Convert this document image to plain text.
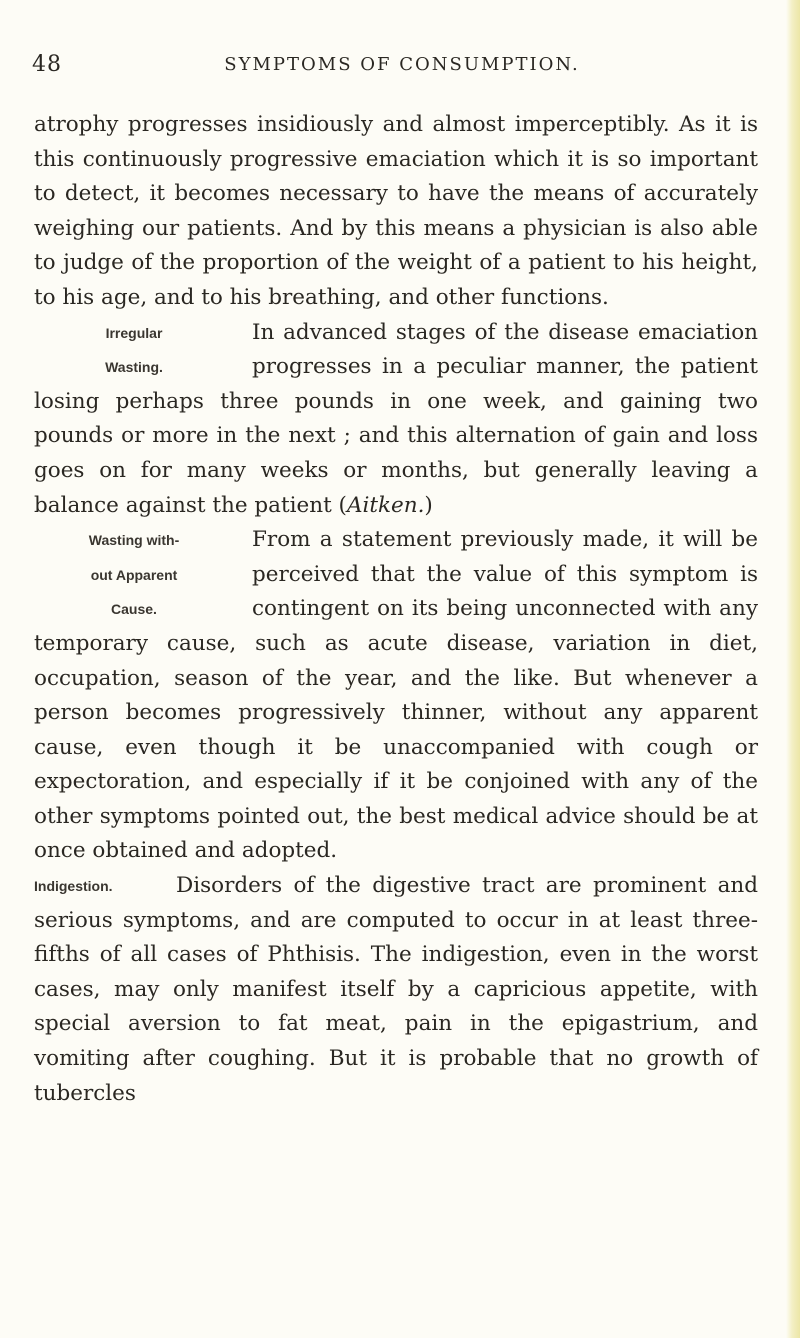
48	SYMPTOMS OF CONSUMPTION.

atrophy progresses insidiously and almost imperceptibly. As it is this continuously progressive emaciation which it is so important to detect, it becomes necessary to have the means of accurately weighing our patients. And by this means a physician is also able to judge of the proportion of the weight of a patient to his height, to his age, and to his breathing, and other functions.

Irregular
Wasting.

In advanced stages of the disease emaciation progresses in a peculiar manner, the patient losing perhaps three pounds in one week, and gaining two pounds or more in the next ; and this alternation of gain and loss goes on for many weeks or months, but generally leaving a balance against the patient (Aitken.)

Wasting with-
out Apparent
Cause.

From a statement previously made, it will be perceived that the value of this symptom is contingent on its being unconnected with any temporary cause, such as acute disease, variation in diet, occupation, season of the year, and the like. But whenever a person becomes progressively thinner, without any apparent cause, even though it be unaccompanied with cough or expectoration, and especially if it be conjoined with any of the other symptoms pointed out, the best medical advice should be at once obtained and adopted.

Indigestion.	Disorders of the digestive tract are prominent and serious symptoms, and are computed to occur in at least three-fifths of all cases of Phthisis. The indigestion, even in the worst cases, may only manifest itself by a capricious appetite, with special aversion to fat meat, pain in the epigastrium, and vomiting after coughing. But it is probable that no growth of tubercles
